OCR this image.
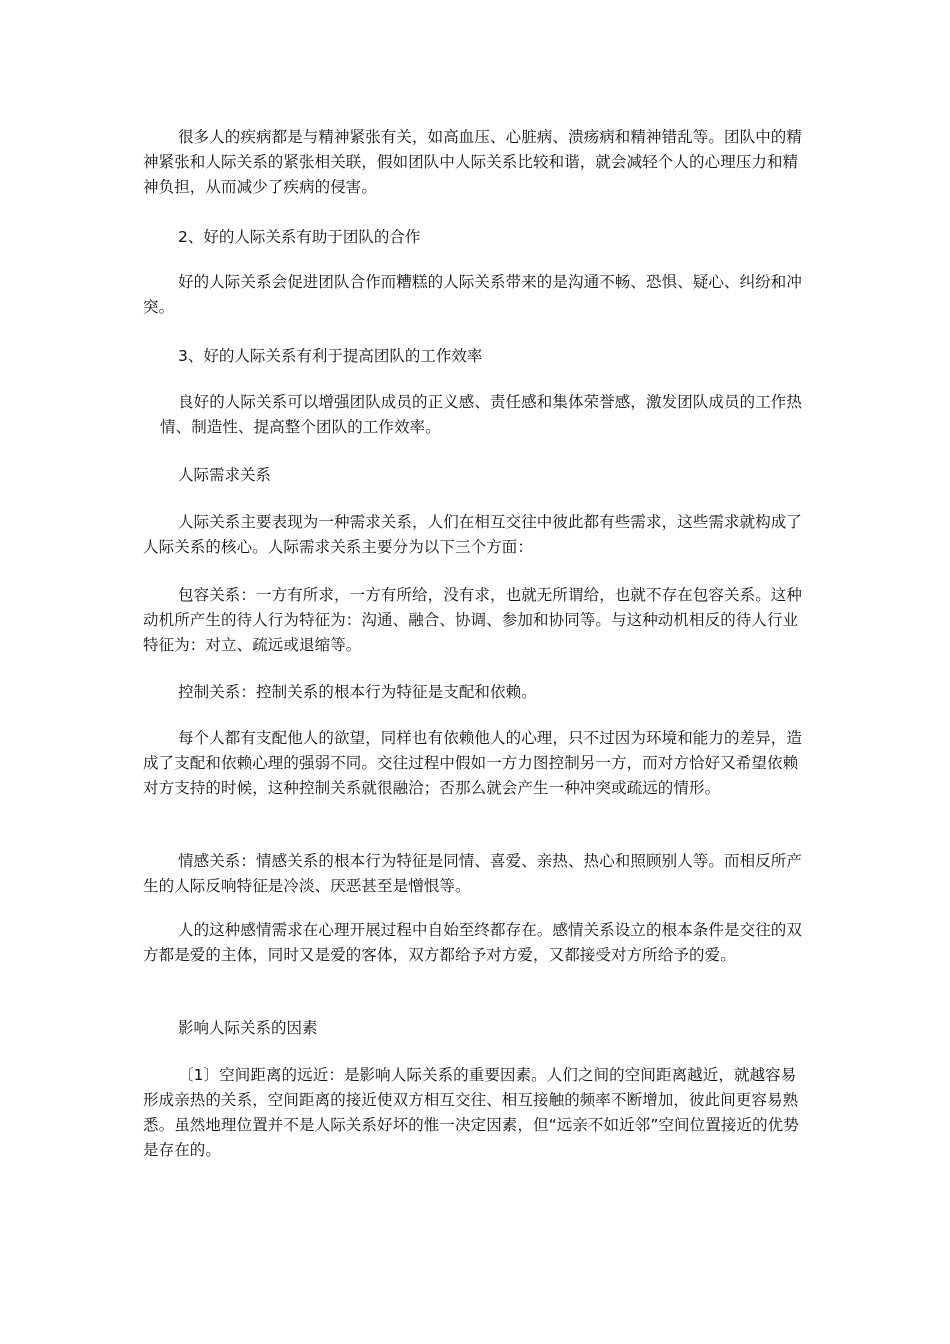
很多人的疾病都是与精神紧张有关，如高血压、心脏病、溃疡病和精神错乱等。团队中的精神紧张和人际关系的紧张相关联，假如团队中人际关系比较和谐，就会减轻个人的心理压力和精神负担，从而减少了疾病的侵害。

2、好的人际关系有助于团队的合作

好的人际关系会促进团队合作而糟糕的人际关系带来的是沟通不畅、恐惧、疑心、纠纷和冲突。

3、好的人际关系有利于提高团队的工作效率

良好的人际关系可以增强团队成员的正义感、责任感和集体荣誉感，激发团队成员的工作热情、制造性、提高整个团队的工作效率。

人际需求关系

人际关系主要表现为一种需求关系，人们在相互交往中彼此都有些需求，这些需求就构成了人际关系的核心。人际需求关系主要分为以下三个方面：

包容关系：一方有所求，一方有所给，没有求，也就无所谓给，也就不存在包容关系。这种动机所产生的待人行为特征为：沟通、融合、协调、参加和协同等。与这种动机相反的待人行业特征为：对立、疏远或退缩等。

控制关系：控制关系的根本行为特征是支配和依赖。

每个人都有支配他人的欲望，同样也有依赖他人的心理，只不过因为环境和能力的差异，造成了支配和依赖心理的强弱不同。交往过程中假如一方力图控制另一方，而对方恰好又希望依赖对方支持的时候，这种控制关系就很融洽；否那么就会产生一种冲突或疏远的情形。

情感关系：情感关系的根本行为特征是同情、喜爱、亲热、热心和照顾别人等。而相反所产生的人际反响特征是冷淡、厌恶甚至是憎恨等。

人的这种感情需求在心理开展过程中自始至终都存在。感情关系设立的根本条件是交往的双方都是爱的主体，同时又是爱的客体，双方都给予对方爱，又都接受对方所给予的爱。

影响人际关系的因素

〔1〕空间距离的远近：是影响人际关系的重要因素。人们之间的空间距离越近，就越容易形成亲热的关系，空间距离的接近使双方相互交往、相互接触的频率不断增加，彼此间更容易熟悉。虽然地理位置并不是人际关系好坏的惟一决定因素，但“远亲不如近邻”空间位置接近的优势是存在的。
